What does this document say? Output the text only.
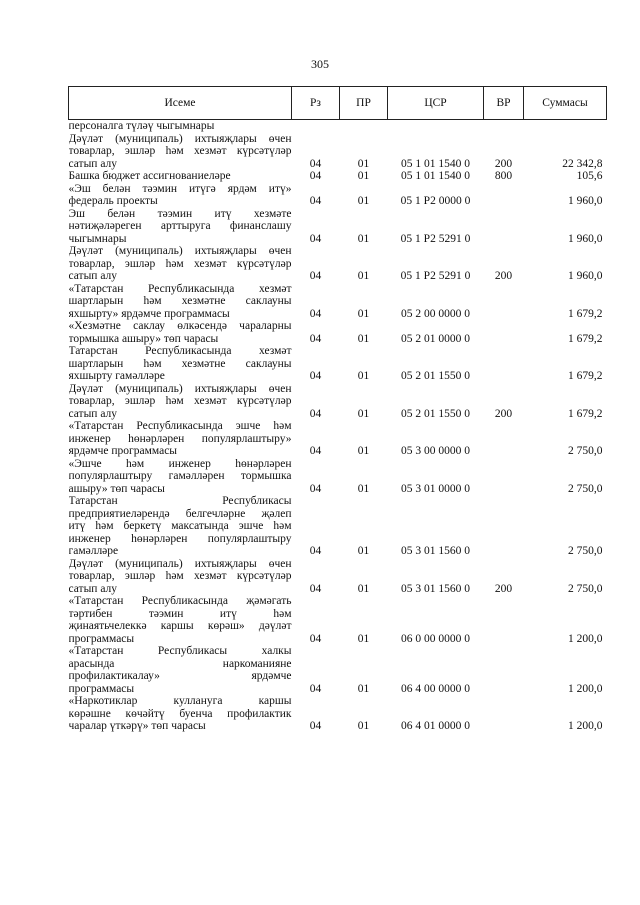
305
Исеме	Рз	ПР	ЦСР	ВР	Суммасы

персоналга түләү чыгымнары					

Дәүләт (муниципаль) ихтыяҗлары өчен
товарлар, эшләр һәм хезмәт күрсәтүләр
сатып алу	04	01	05 1 01 1540 0	200	22 342,8

Башка бюджет ассигнованиеләре	04	01	05 1 01 1540 0	800	105,6

«Эш белән тәэмин итүгә ярдәм итү»
федераль проекты	04	01	05 1 Р2 0000 0		1 960,0

Эш белән тәэмин итү хезмәте
нәтиҗәләреген арттыруга финанслашу
чыгымнары	04	01	05 1 Р2 5291 0		1 960,0

Дәүләт (муниципаль) ихтыяҗлары өчен
товарлар, эшләр һәм хезмәт күрсәтүләр
сатып алу	04	01	05 1 Р2 5291 0	200	1 960,0

«Татарстан Республикасында хезмәт
шартларын һәм хезмәтне саклауны
яхшырту» ярдәмче программасы	04	01	05 2 00 0000 0		1 679,2

«Хезмәтне саклау өлкәсендә чараларны
тормышка ашыру» төп чарасы	04	01	05 2 01 0000 0		1 679,2

Татарстан Республикасында хезмәт
шартларын һәм хезмәтне саклауны
яхшырту гамәлләре	04	01	05 2 01 1550 0		1 679,2

Дәүләт (муниципаль) ихтыяҗлары өчен
товарлар, эшләр һәм хезмәт күрсәтүләр
сатып алу	04	01	05 2 01 1550 0	200	1 679,2

«Татарстан Республикасында эшче һәм
инженер һөнәрләрен популярлаштыру»
ярдәмче программасы	04	01	05 3 00 0000 0		2 750,0

«Эшче һәм инженер һөнәрләрен
популярлаштыру гамәлләрен тормышка
ашыру» төп чарасы	04	01	05 3 01 0000 0		2 750,0

Татарстан Республикасы
предприятиеләрендә белгечләрне җәлеп
итү һәм беркетү максатында эшче һәм
инженер һөнәрләрен популярлаштыру
гамәлләре	04	01	05 3 01 1560 0		2 750,0

Дәүләт (муниципаль) ихтыяҗлары өчен
товарлар, эшләр һәм хезмәт күрсәтүләр
сатып алу	04	01	05 3 01 1560 0	200	2 750,0

«Татарстан Республикасында җәмәгать
тәртибен тәэмин итү һәм
җинаятьчелеккә каршы көрәш» дәүләт
программасы	04	01	06 0 00 0000 0		1 200,0

«Татарстан Республикасы халкы
арасында наркоманияне
профилактикалау» ярдәмче
программасы	04	01	06 4 00 0000 0		1 200,0

«Наркотиклар куллануга каршы
көрәшне көчәйтү буенча профилактик
чаралар үткәрү» төп чарасы	04	01	06 4 01 0000 0		1 200,0
